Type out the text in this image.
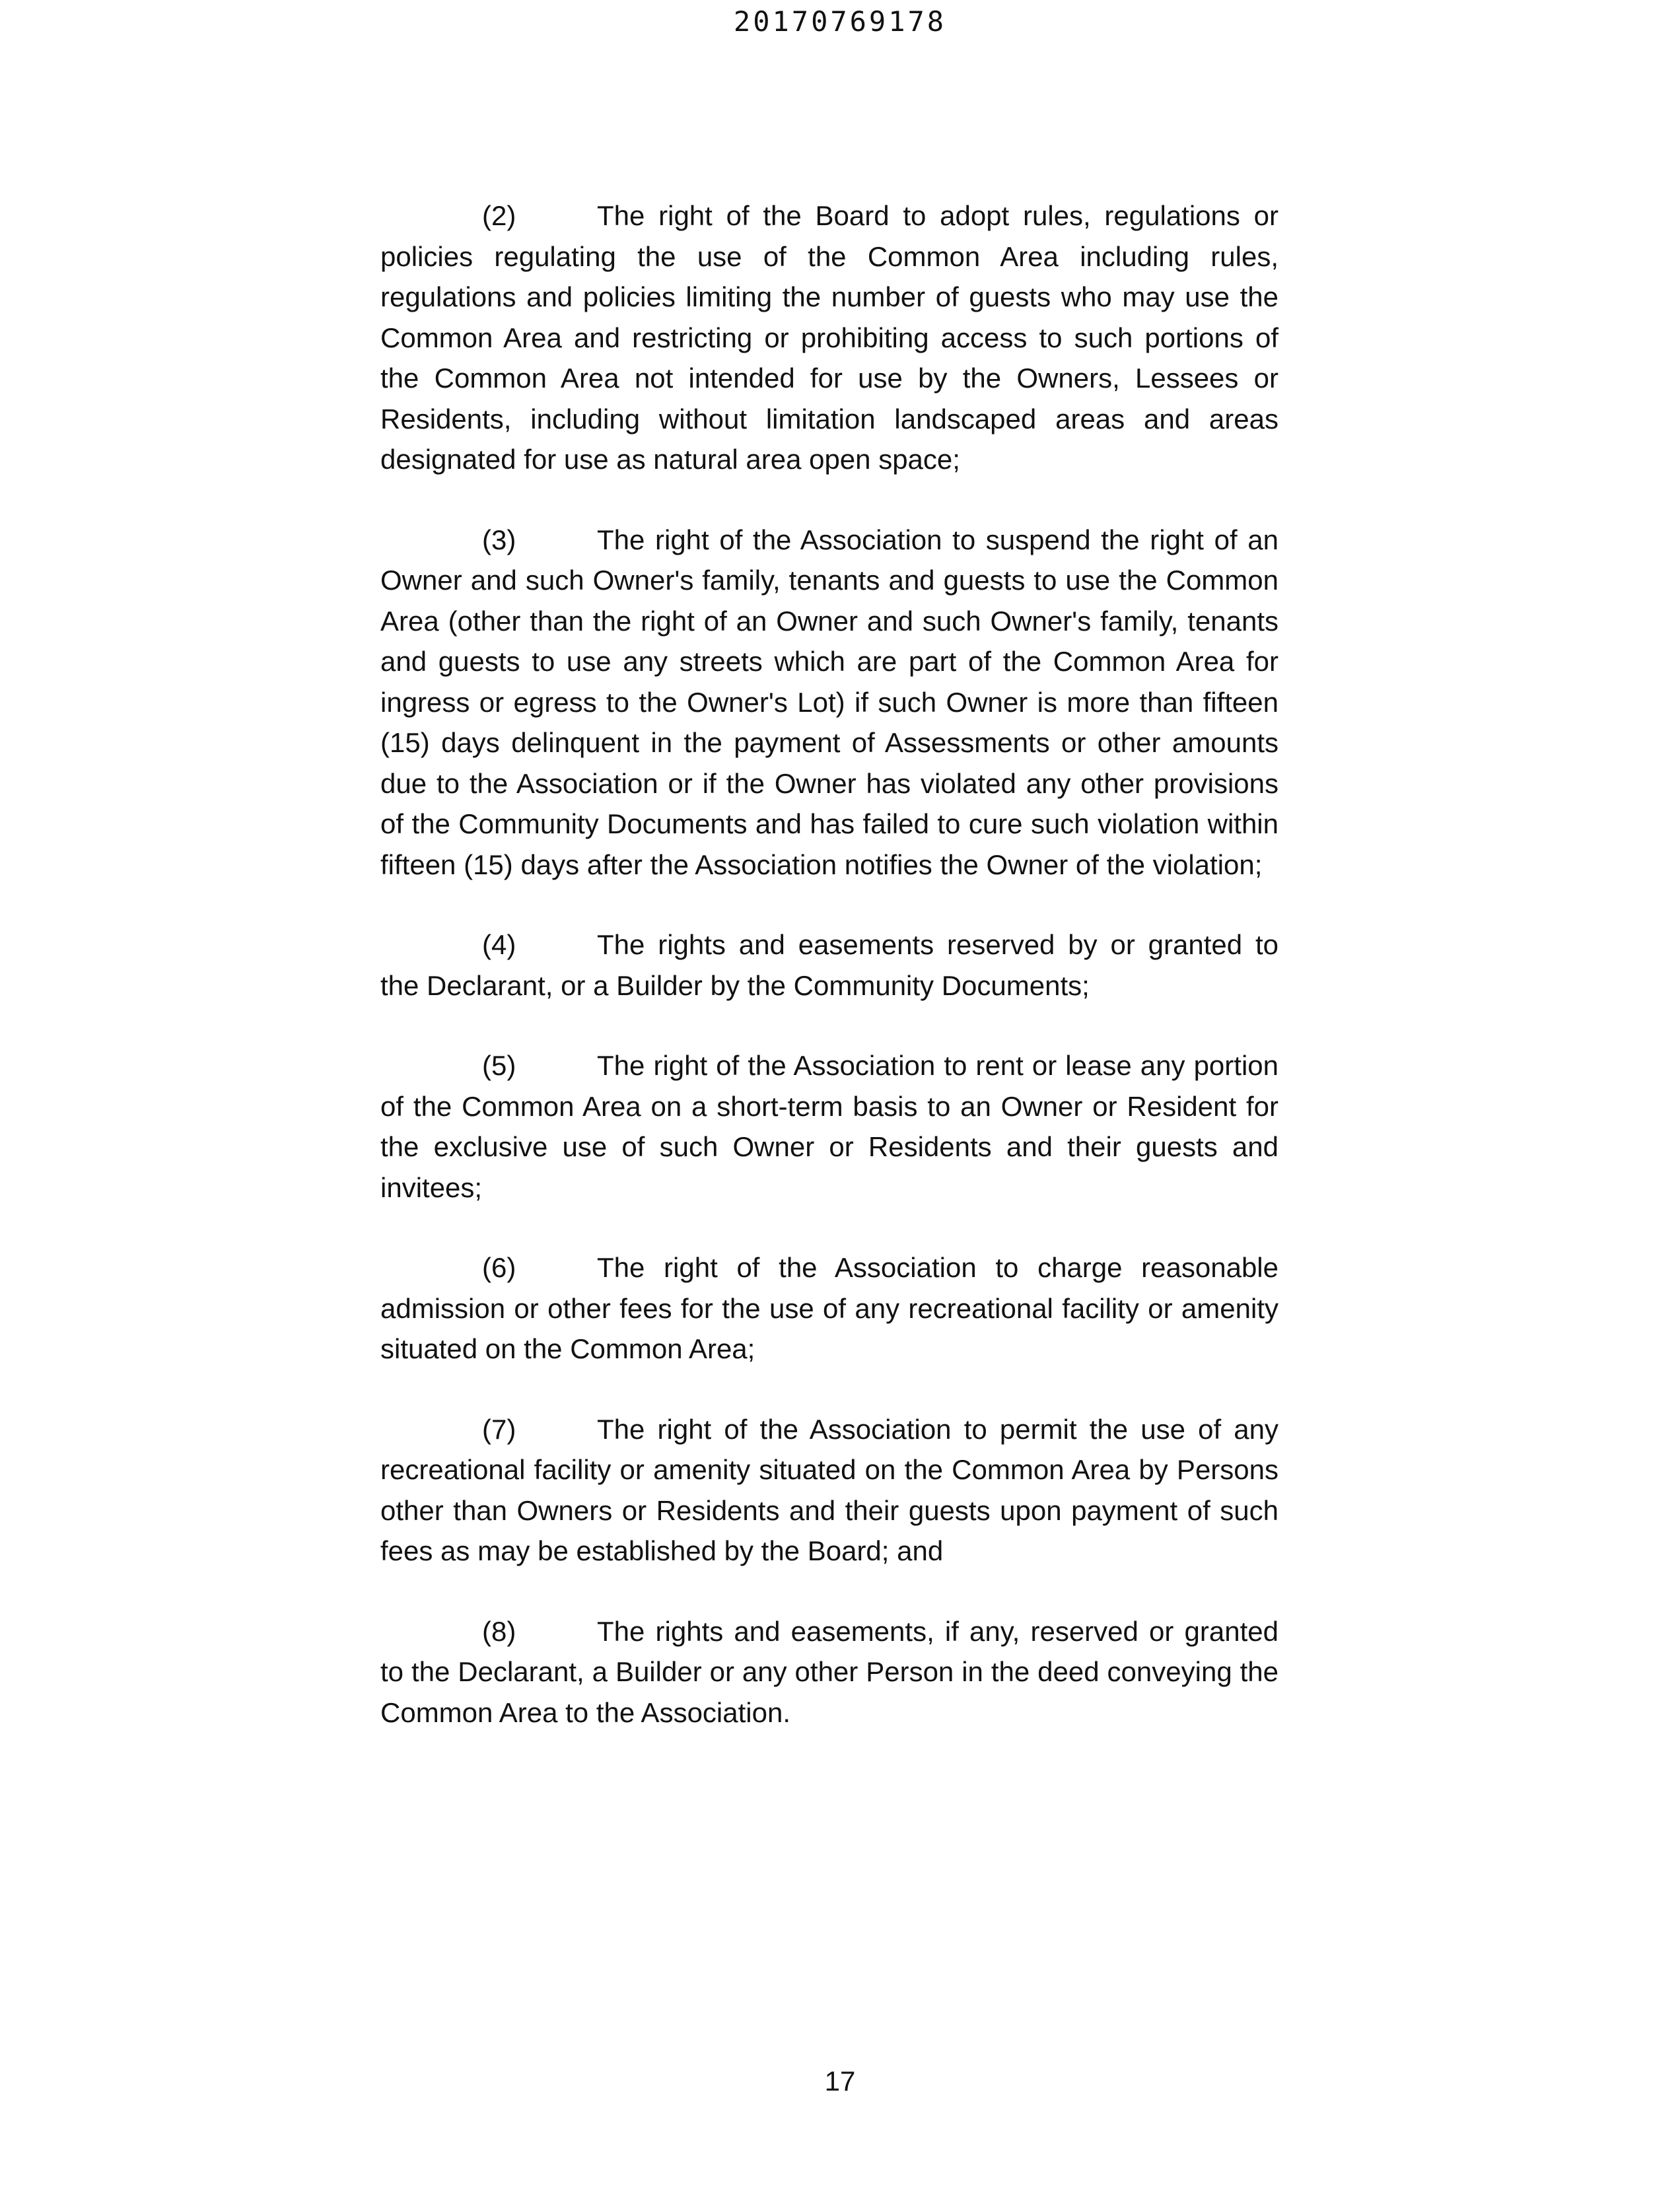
20170769178

(2)	The right of the Board to adopt rules, regulations or policies regulating the use of the Common Area including rules, regulations and policies limiting the number of guests who may use the Common Area and restricting or prohibiting access to such portions of the Common Area not intended for use by the Owners, Lessees or Residents, including without limitation landscaped areas and areas designated for use as natural area open space;

(3)	The right of the Association to suspend the right of an Owner and such Owner's family, tenants and guests to use the Common Area (other than the right of an Owner and such Owner's family, tenants and guests to use any streets which are part of the Common Area for ingress or egress to the Owner's Lot) if such Owner is more than fifteen (15) days delinquent in the payment of Assessments or other amounts due to the Association or if the Owner has violated any other provisions of the Community Documents and has failed to cure such violation within fifteen (15) days after the Association notifies the Owner of the violation;

(4)	The rights and easements reserved by or granted to the Declarant, or a Builder by the Community Documents;

(5)	The right of the Association to rent or lease any portion of the Common Area on a short-term basis to an Owner or Resident for the exclusive use of such Owner or Residents and their guests and invitees;

(6)	The right of the Association to charge reasonable admission or other fees for the use of any recreational facility or amenity situated on the Common Area;

(7)	The right of the Association to permit the use of any recreational facility or amenity situated on the Common Area by Persons other than Owners or Residents and their guests upon payment of such fees as may be established by the Board; and

(8)	The rights and easements, if any, reserved or granted to the Declarant, a Builder or any other Person in the deed conveying the Common Area to the Association.

17
